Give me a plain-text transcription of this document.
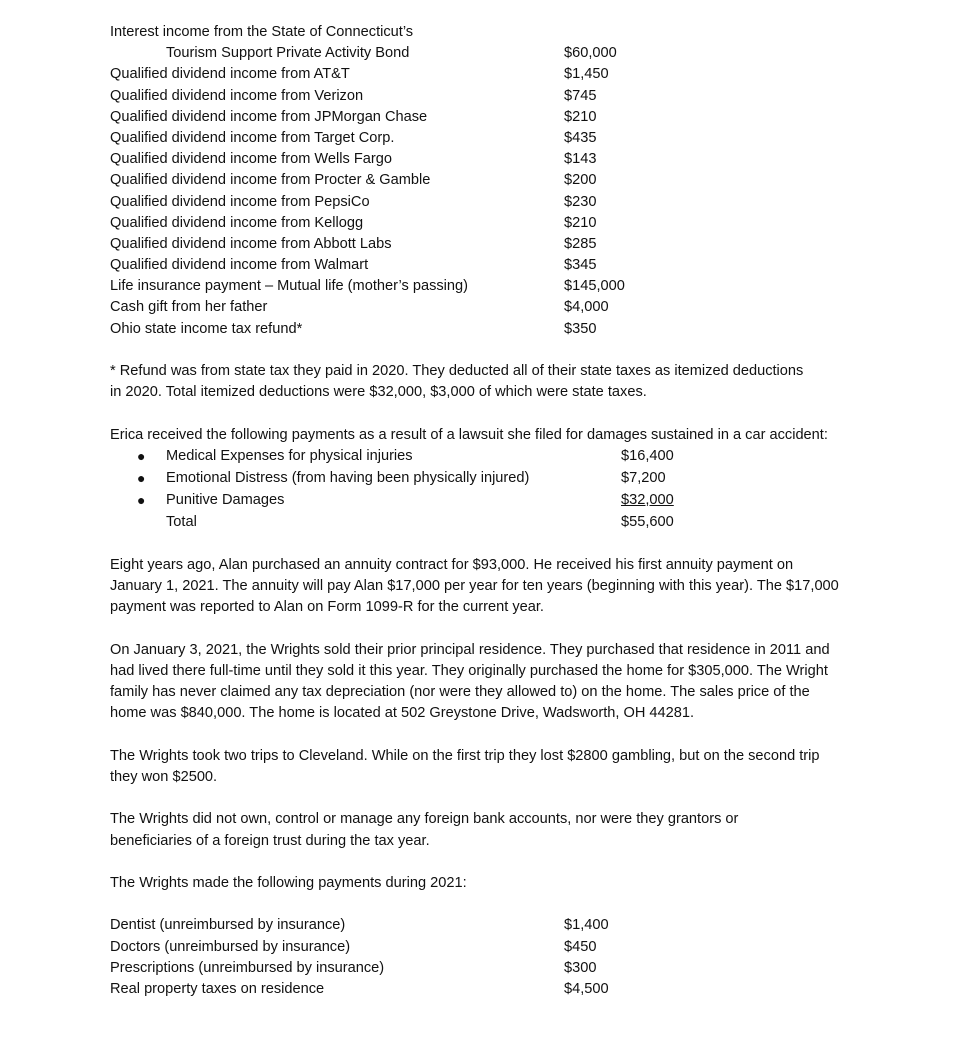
Interest income from the State of Connecticut’s
Tourism Support Private Activity Bond	$60,000
Qualified dividend income from AT&T	$1,450
Qualified dividend income from Verizon	$745
Qualified dividend income from JPMorgan Chase	$210
Qualified dividend income from Target Corp.	$435
Qualified dividend income from Wells Fargo	$143
Qualified dividend income from Procter & Gamble	$200
Qualified dividend income from PepsiCo	$230
Qualified dividend income from Kellogg	$210
Qualified dividend income from Abbott Labs	$285
Qualified dividend income from Walmart	$345
Life insurance payment – Mutual life (mother’s passing)	$145,000
Cash gift from her father	$4,000
Ohio state income tax refund*	$350

* Refund was from state tax they paid in 2020. They deducted all of their state taxes as itemized deductions in 2020. Total itemized deductions were $32,000, $3,000 of which were state taxes.

Erica received the following payments as a result of a lawsuit she filed for damages sustained in a car accident:

● Medical Expenses for physical injuries	$16,400
● Emotional Distress (from having been physically injured)	$7,200
● Punitive Damages	$32,000
Total	$55,600

Eight years ago, Alan purchased an annuity contract for $93,000. He received his first annuity payment on January 1, 2021. The annuity will pay Alan $17,000 per year for ten years (beginning with this year). The $17,000 payment was reported to Alan on Form 1099-R for the current year.

On January 3, 2021, the Wrights sold their prior principal residence. They purchased that residence in 2011 and had lived there full-time until they sold it this year. They originally purchased the home for $305,000. The Wright family has never claimed any tax depreciation (nor were they allowed to) on the home. The sales price of the home was $840,000. The home is located at 502 Greystone Drive, Wadsworth, OH 44281.

The Wrights took two trips to Cleveland. While on the first trip they lost $2800 gambling, but on the second trip they won $2500.

The Wrights did not own, control or manage any foreign bank accounts, nor were they grantors or beneficiaries of a foreign trust during the tax year.

The Wrights made the following payments during 2021:

Dentist (unreimbursed by insurance)	$1,400
Doctors (unreimbursed by insurance)	$450
Prescriptions (unreimbursed by insurance)	$300
Real property taxes on residence	$4,500
